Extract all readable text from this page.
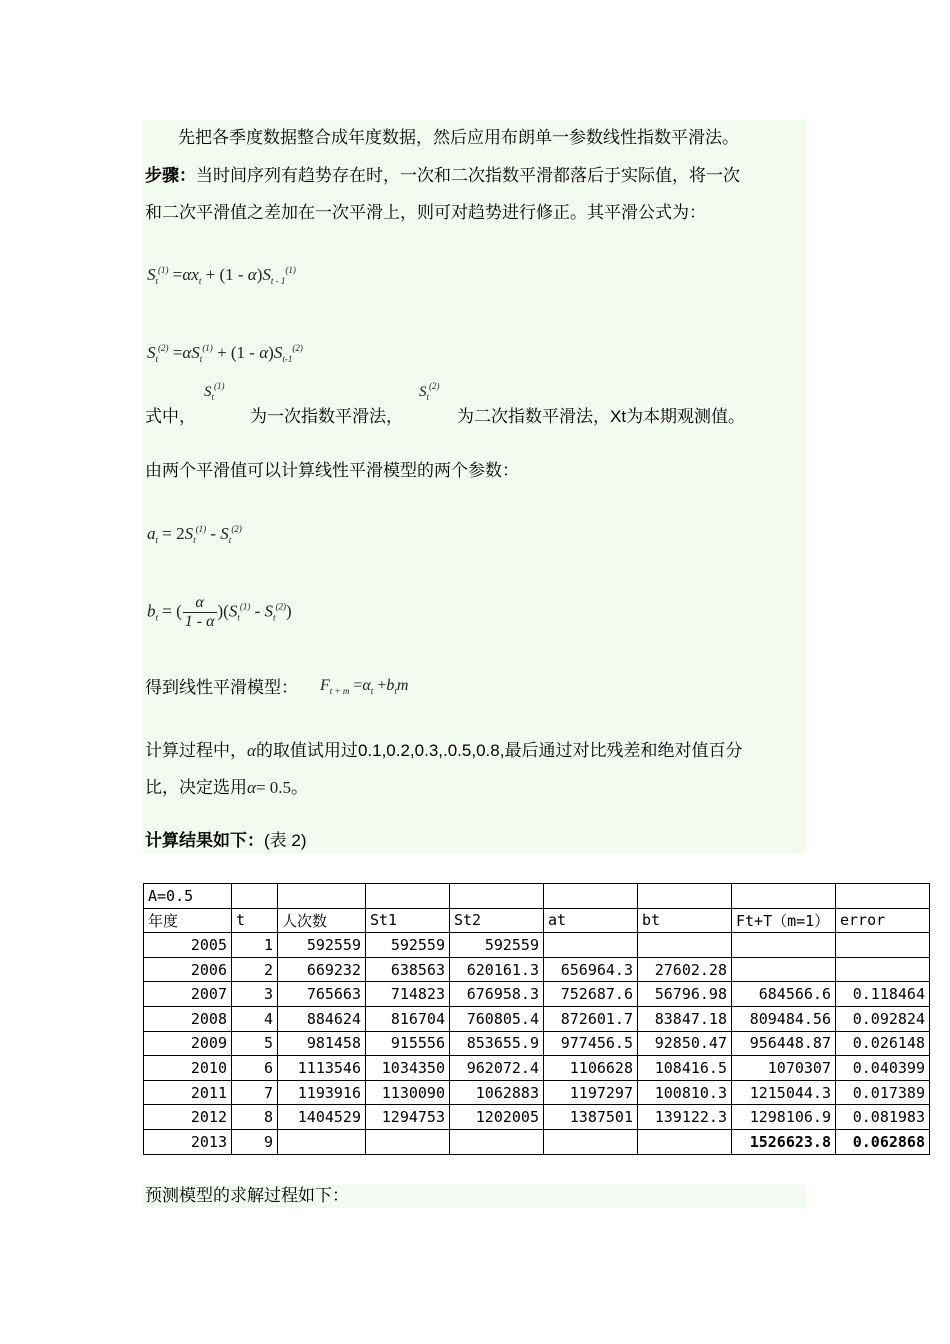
先把各季度数据整合成年度数据，然后应用布朗单一参数线性指数平滑法。
步骤：当时间序列有趋势存在时，一次和二次指数平滑都落后于实际值，将一次
和二次平滑值之差加在一次平滑上，则可对趋势进行修正。其平滑公式为：
$S_t^{(1)} =\alpha x_t + (1 - \alpha)S_{t - 1}^{(1)}$
$S_t^{(2)} =\alpha S_t^{(1)} + (1 - \alpha)S_{t-1}^{(2)}$
$S_t^{(1)}$	$S_t^{(2)}$
式中，	为一次指数平滑法，	为二次指数平滑法，Xt为本期观测值。
由两个平滑值可以计算线性平滑模型的两个参数：
$a_t = 2S_t^{(1)} - S_t^{(2)}$
$b_t$ = ( $\frac{\alpha}{1 - \alpha} )(S_t^{(1)} - S_t^{(2)})$
得到线性平滑模型： $F_{t + m} =\alpha_t +b_tm$
计算过程中，α的取值试用过0.1,0.2,0.3,.0.5,0.8,最后通过对比残差和绝对值百分
比，决定选用α= 0.5。
计算结果如下：(表 2)
A=0.5								
年度	t	人次数	St1	St2	at	bt	Ft+T（m=1）	error
2005	1	592559	592559	592559				
2006	2	669232	638563	620161.3	656964.3	27602.28		
2007	3	765663	714823	676958.3	752687.6	56796.98	684566.6	0.118464
2008	4	884624	816704	760805.4	872601.7	83847.18	809484.56	0.092824
2009	5	981458	915556	853655.9	977456.5	92850.47	956448.87	0.026148
2010	6	1113546	1034350	962072.4	1106628	108416.5	1070307	0.040399
2011	7	1193916	1130090	1062883	1197297	100810.3	1215044.3	0.017389
2012	8	1404529	1294753	1202005	1387501	139122.3	1298106.9	0.081983
2013	9						1526623.8	0.062868
预测模型的求解过程如下：
